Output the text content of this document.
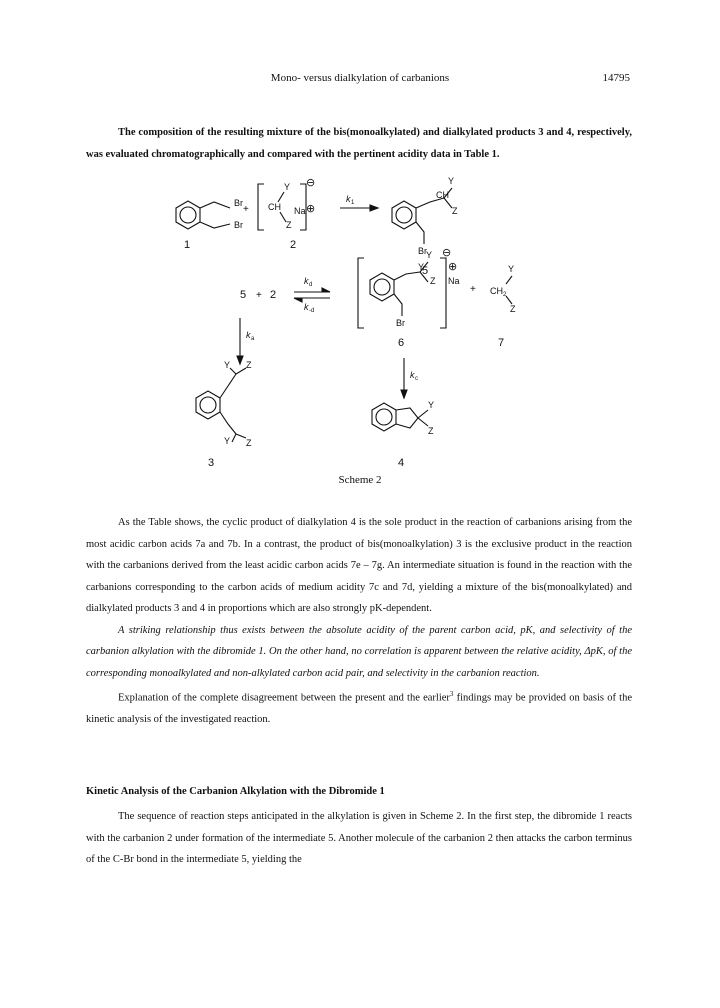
Mono- versus dialkylation of carbanions	14795

The composition of the resulting mixture of the bis(monoalkylated) and dialkylated products 3 and 4, respectively, was evaluated chromatographically and compared with the pertinent acidity data in Table 1.

Br
Br
1
+
Y
CH
Z
Na ⊕
⊖
2
k 1
Y
CH
Z
Br
5
5 + 2
k d
k -d
Y
Z
Y
Na
⊕
⊖
Br
6
+
Y
CH 2
Z
7
k a
k c
Y Z
Y Z
3
Y
Z
4
Scheme 2

As the Table shows, the cyclic product of dialkylation 4 is the sole product in the reaction of carbanions arising from the most acidic carbon acids 7a and 7b. In a contrast, the product of bis(monoalkylation) 3 is the exclusive product in the reaction with the carbanions derived from the least acidic carbon acids 7e – 7g. An intermediate situation is found in the reaction with the carbanions corresponding to the carbon acids of medium acidity 7c and 7d, yielding a mixture of the bis(monoalkylated) and dialkylated products 3 and 4 in proportions which are also strongly pK-dependent.

A striking relationship thus exists between the absolute acidity of the parent carbon acid, pK, and selectivity of the carbanion alkylation with the dibromide 1. On the other hand, no correlation is apparent between the relative acidity, ΔpK, of the corresponding monoalkylated and non-alkylated carbon acid pair, and selectivity in the carbanion reaction.

Explanation of the complete disagreement between the present and the earlier$^3$ findings may be provided on basis of the kinetic analysis of the investigated reaction.

Kinetic Analysis of the Carbanion Alkylation with the Dibromide 1

The sequence of reaction steps anticipated in the alkylation is given in Scheme 2. In the first step, the dibromide 1 reacts with the carbanion 2 under formation of the intermediate 5. Another molecule of the carbanion 2 then attacks the carbon terminus of the C-Br bond in the intermediate 5, yielding the
